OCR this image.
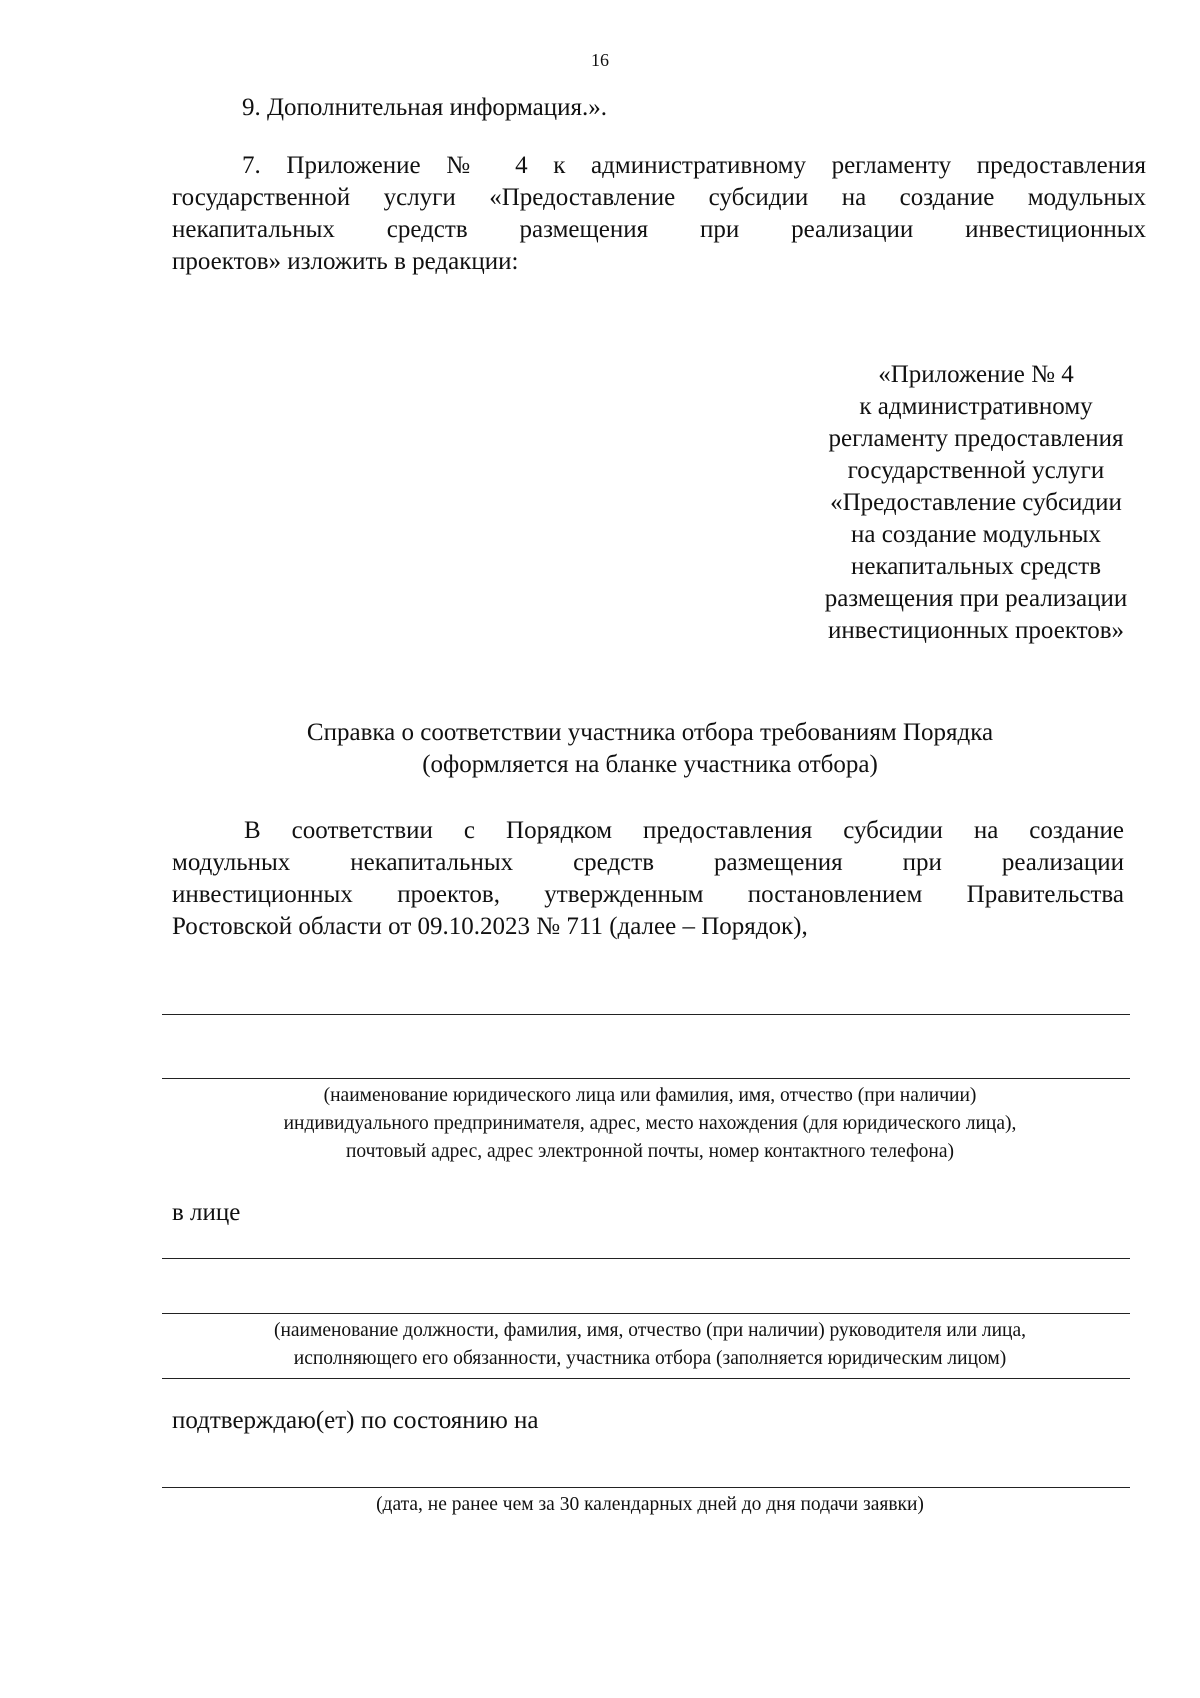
16
9. Дополнительная информация.».
7. Приложение № 4 к административному регламенту предоставления
государственной услуги «Предоставление субсидии на создание модульных
некапитальных средств размещения при реализации инвестиционных
проектов» изложить в редакции:
«Приложение № 4
к административному
регламенту предоставления
государственной услуги
«Предоставление субсидии
на создание модульных
некапитальных средств
размещения при реализации
инвестиционных проектов»
Справка о соответствии участника отбора требованиям Порядка
(оформляется на бланке участника отбора)
В соответствии с Порядком предоставления субсидии на создание
модульных некапитальных средств размещения при реализации
инвестиционных проектов, утвержденным постановлением Правительства
Ростовской области от 09.10.2023 № 711 (далее – Порядок),
(наименование юридического лица или фамилия, имя, отчество (при наличии)
индивидуального предпринимателя, адрес, место нахождения (для юридического лица),
почтовый адрес, адрес электронной почты, номер контактного телефона)
в лице
(наименование должности, фамилия, имя, отчество (при наличии) руководителя или лица,
исполняющего его обязанности, участника отбора (заполняется юридическим лицом)
подтверждаю(ет) по состоянию на
(дата, не ранее чем за 30 календарных дней до дня подачи заявки)
